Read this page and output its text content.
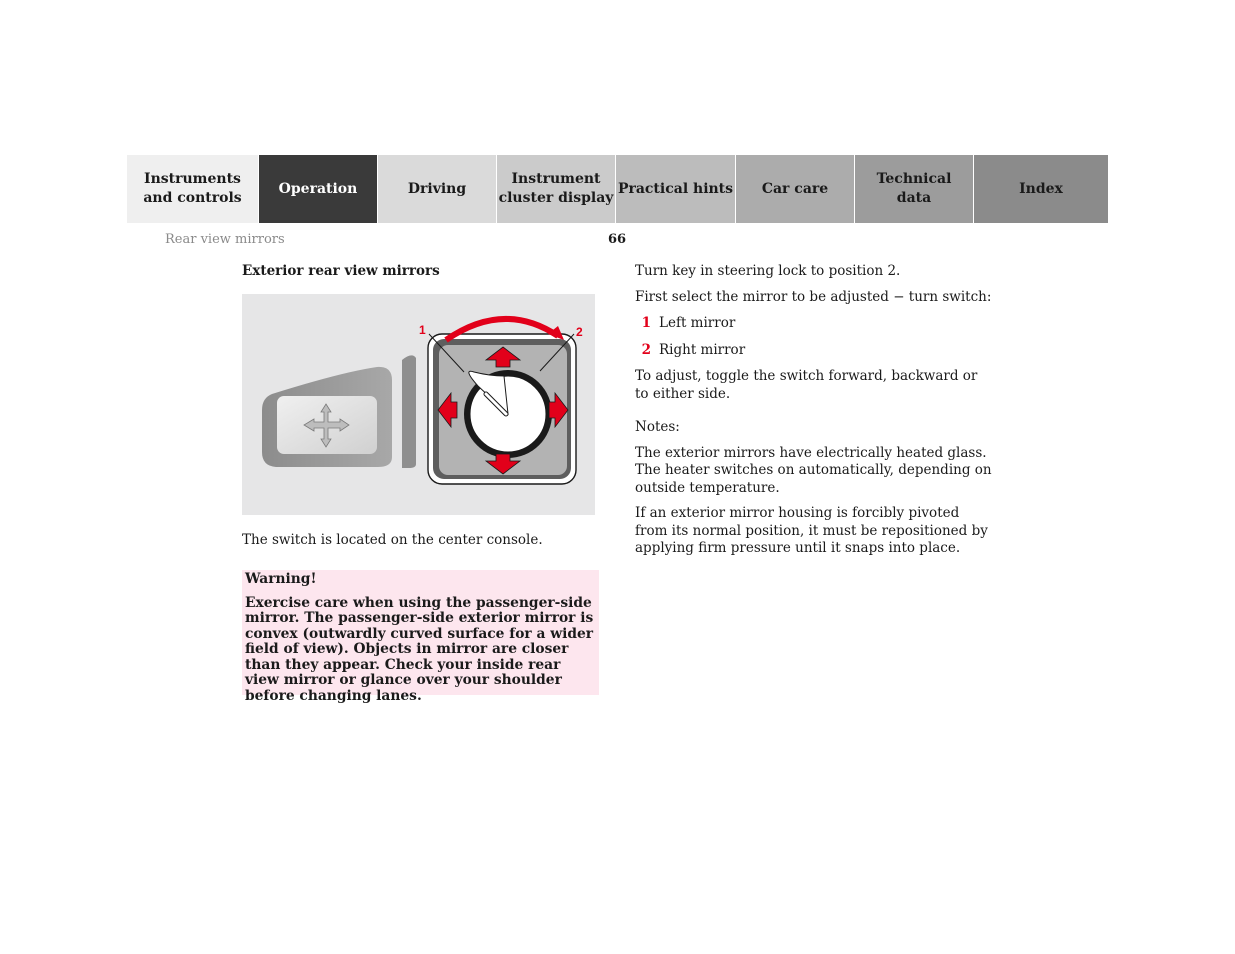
Instruments
and controls
Operation	Driving
Instrument
cluster display
Practical hints	Car care
Technical
data
Index
Rear view mirrors	66
Exterior rear view mirrors
1	2
The switch is located on the center console.
Warning!
Exercise care when using the passenger-side mirror. The passenger-side exterior mirror is convex (outwardly curved surface for a wider field of view). Objects in mirror are closer than they appear. Check your inside rear view mirror or glance over your shoulder before changing lanes.

Turn key in steering lock to position 2.

First select the mirror to be adjusted − turn switch:

1 Left mirror
2 Right mirror

To adjust, toggle the switch forward, backward or to either side.

Notes:

The exterior mirrors have electrically heated glass. The heater switches on automatically, depending on outside temperature.

If an exterior mirror housing is forcibly pivoted from its normal position, it must be repositioned by applying firm pressure until it snaps into place.
